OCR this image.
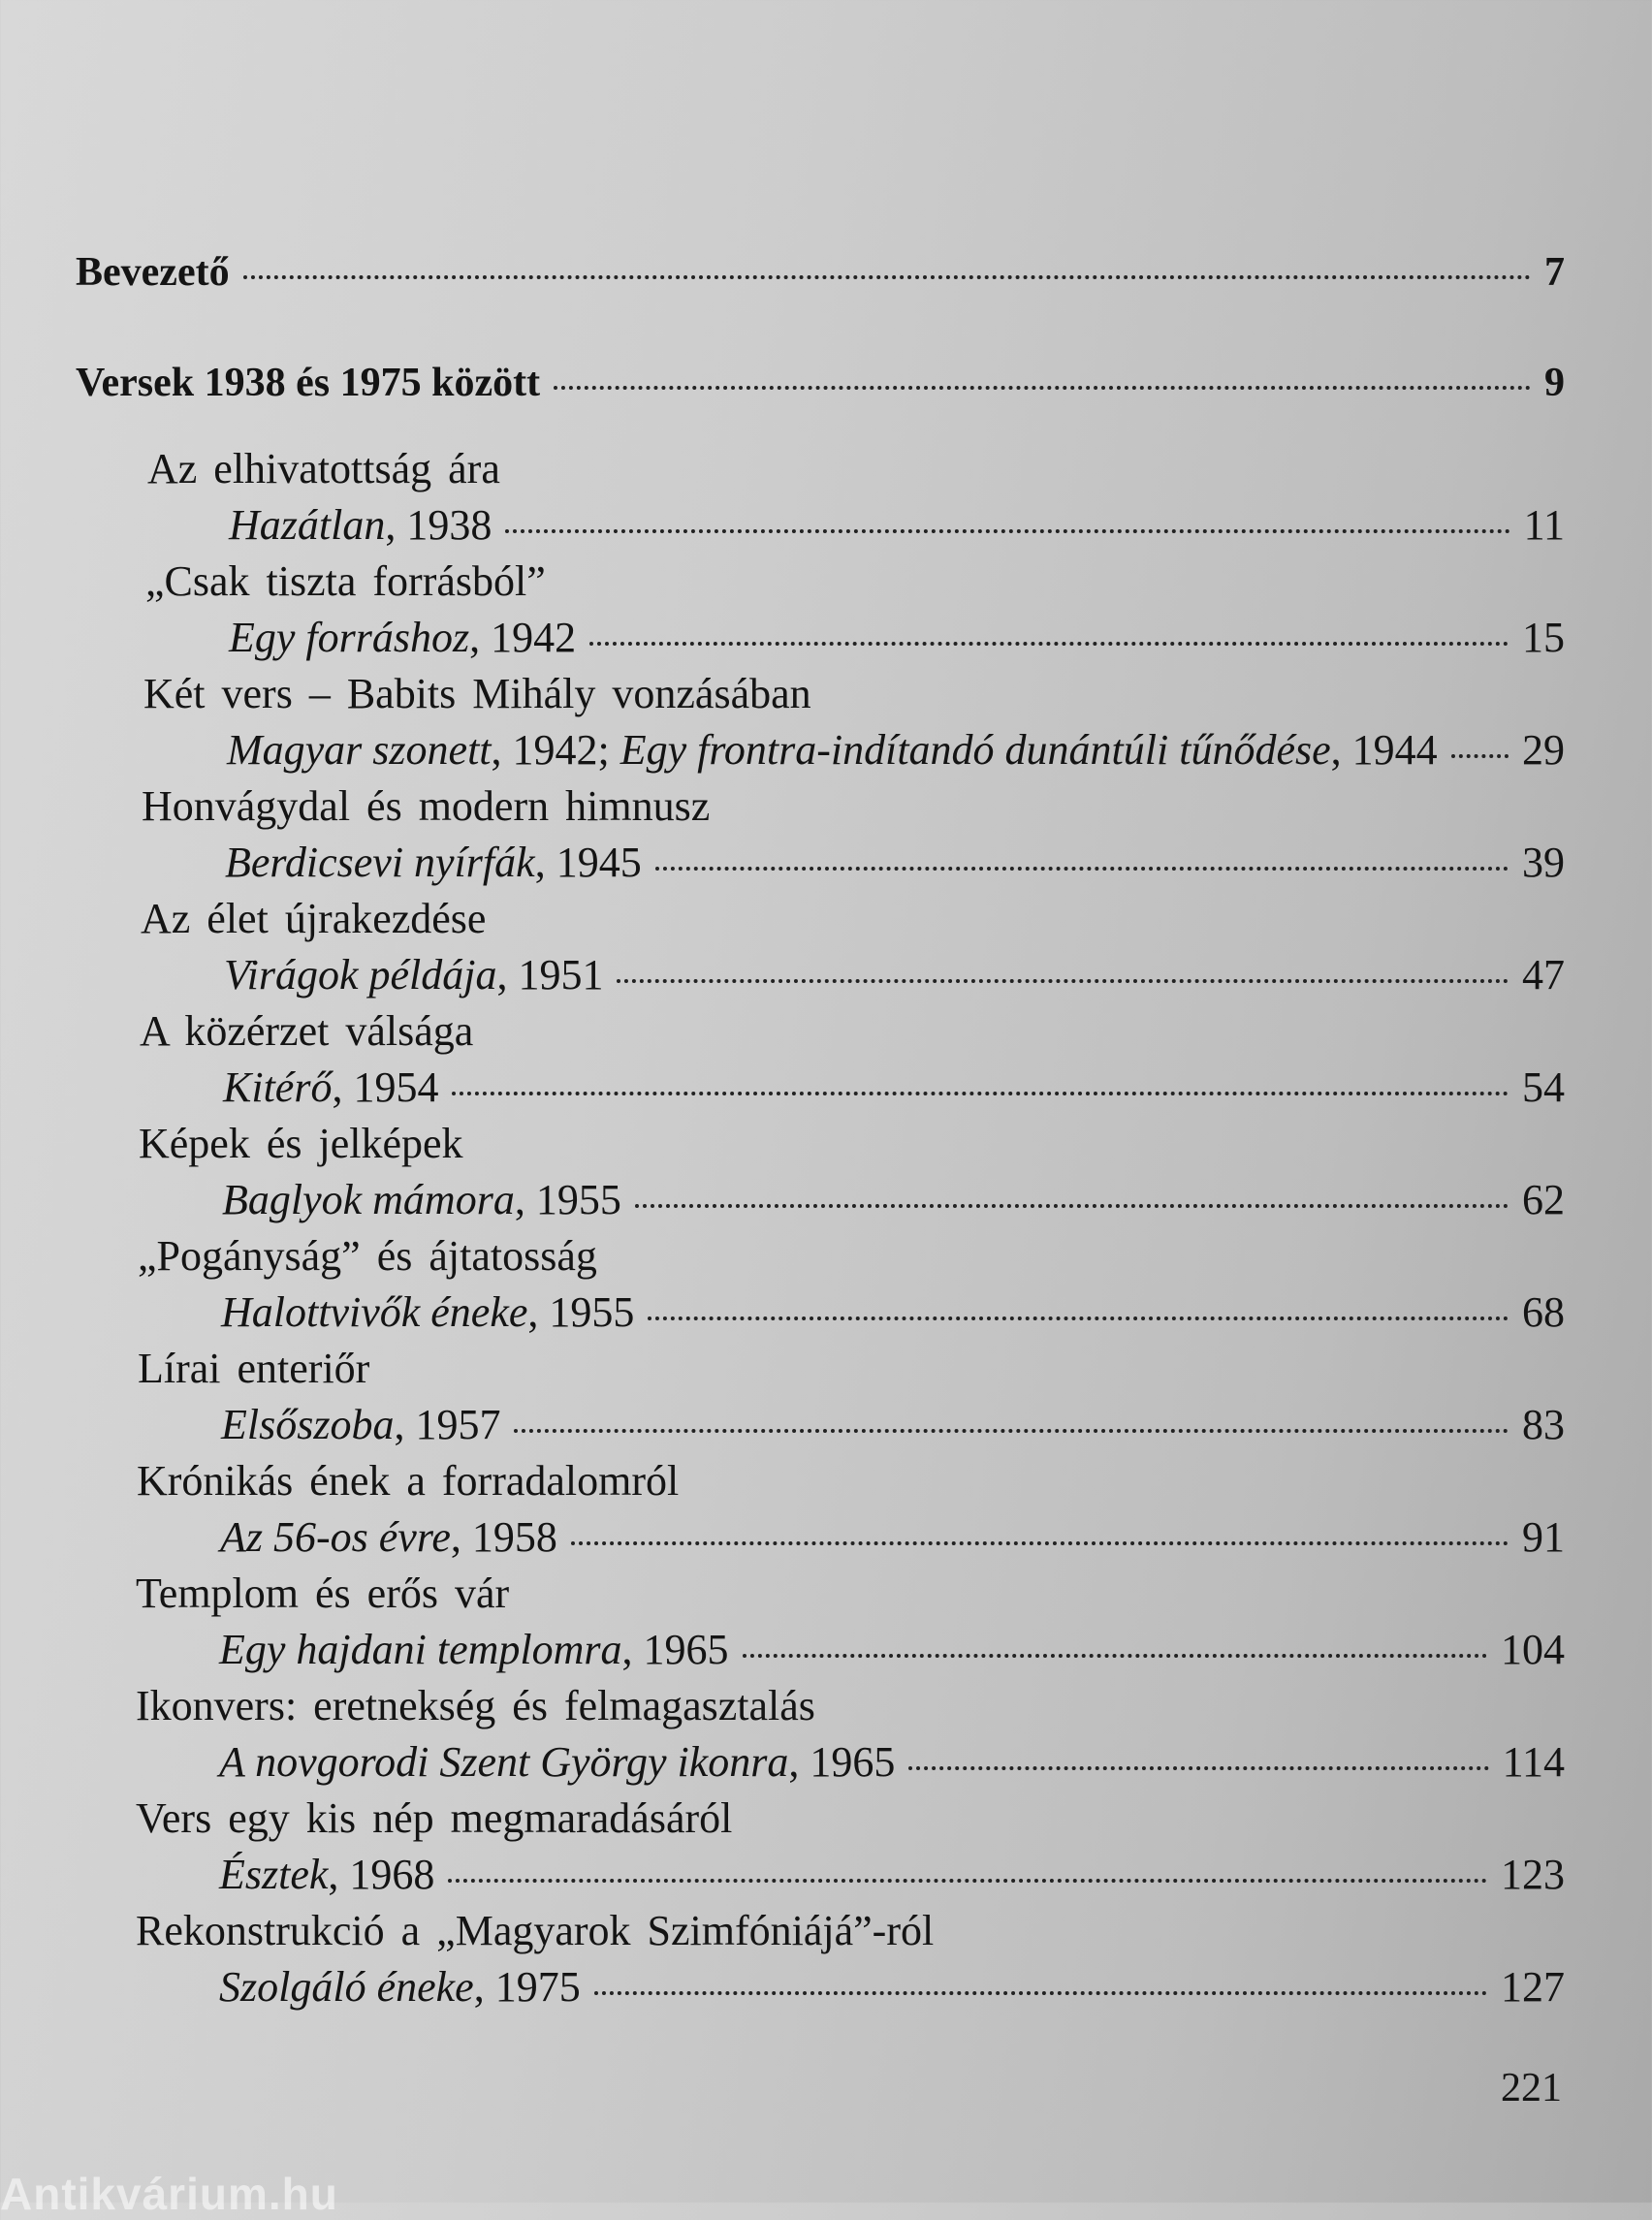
Bevezető	7
Versek 1938 és 1975 között	9
Az elhivatottság ára
Hazátlan, 1938	11
„Csak tiszta forrásból”
Egy forráshoz, 1942	15
Két vers – Babits Mihály vonzásában
Magyar szonett, 1942; Egy frontra-indítandó dunántúli tűnődése, 1944 29
Honvágydal és modern himnusz
Berdicsevi nyírfák, 1945	39
Az élet újrakezdése
Virágok példája, 1951	47
A közérzet válsága
Kitérő, 1954	54
Képek és jelképek
Baglyok mámora, 1955	62
„Pogányság” és ájtatosság
Halottvivők éneke, 1955	68
Lírai enteriőr
Elsőszoba, 1957	83
Krónikás ének a forradalomról
Az 56-os évre, 1958	91
Templom és erős vár
Egy hajdani templomra, 1965	104
Ikonvers: eretnekség és felmagasztalás
A novgorodi Szent György ikonra, 1965	114
Vers egy kis nép megmaradásáról
Észtek, 1968	123
Rekonstrukció a „Magyarok Szimfóniájá”-ról
Szolgáló éneke, 1975	127
221
Antikvárium.hu
